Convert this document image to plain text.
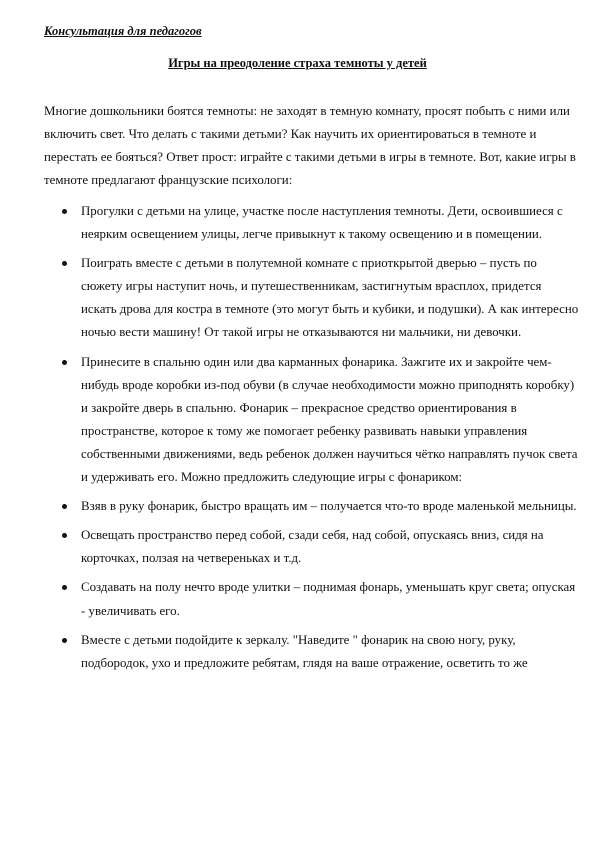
Консультация для педагогов
Игры на преодоление страха темноты у детей

Многие дошкольники боятся темноты: не заходят в темную комнату, просят побыть с ними или включить свет. Что делать с такими детьми? Как научить их ориентироваться в темноте и перестать ее бояться? Ответ прост: играйте с такими детьми в игры в темноте. Вот, какие игры в темноте предлагают французские психологи:

Прогулки с детьми на улице, участке после наступления темноты. Дети, освоившиеся с неярким освещением улицы, легче привыкнут к такому освещению и в помещении.
Поиграть вместе с детьми в полутемной комнате с приоткрытой дверью – пусть по сюжету игры наступит ночь, и путешественникам, застигнутым врасплох, придется искать дрова для костра в темноте (это могут быть и кубики, и подушки). А как интересно ночью вести машину! От такой игры не отказываются ни мальчики, ни девочки.
Принесите в спальню один или два карманных фонарика. Зажгите их и закройте чем-нибудь вроде коробки из-под обуви (в случае необходимости можно приподнять коробку) и закройте дверь в спальню. Фонарик – прекрасное средство ориентирования в пространстве, которое к тому же помогает ребенку развивать навыки управления собственными движениями, ведь ребенок должен научиться чётко направлять пучок света и удерживать его. Можно предложить следующие игры с фонариком:
Взяв в руку фонарик, быстро вращать им – получается что-то вроде маленькой мельницы.
Освещать пространство перед собой, сзади себя, над собой, опускаясь вниз, сидя на корточках, ползая на четвереньках и т.д.
Создавать на полу нечто вроде улитки – поднимая фонарь, уменьшать круг света; опуская - увеличивать его.
Вместе с детьми подойдите к зеркалу. "Наведите " фонарик на свою ногу, руку, подбородок, ухо и предложите ребятам, глядя на ваше отражение, осветить то же
